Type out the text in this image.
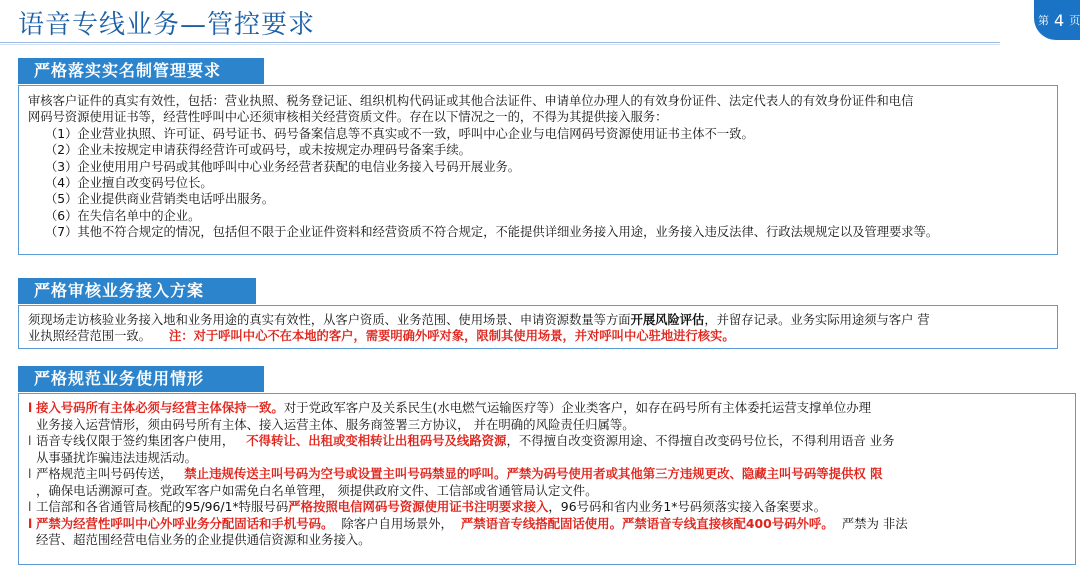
语音专线业务—管控要求	第 4 页
严格落实实名制管理要求
审核客户证件的真实有效性，包括：营业执照、税务登记证、组织机构代码证或其他合法证件、申请单位办理人的有效身份证件、法定代表人的有效身份证件和电信
网码号资源使用证书等，经营性呼叫中心还须审核相关经营资质文件。存在以下情况之一的，不得为其提供接入服务：
（1）企业营业执照、许可证、码号证书、码号备案信息等不真实或不一致，呼叫中心企业与电信网码号资源使用证书主体不一致。
（2）企业未按规定申请获得经营许可或码号，或未按规定办理码号备案手续。
（3）企业使用用户号码或其他呼叫中心业务经营者获配的电信业务接入号码开展业务。
（4）企业擅自改变码号位长。
（5）企业提供商业营销类电话呼出服务。
（6）在失信名单中的企业。
（7）其他不符合规定的情况，包括但不限于企业证件资料和经营资质不符合规定，不能提供详细业务接入用途，业务接入违反法律、行政法规规定以及管理要求等。
严格审核业务接入方案
须现场走访核验业务接入地和业务用途的真实有效性，从客户资质、业务范围、使用场景、申请资源数量等方面开展风险评估，并留存记录。业务实际用途须与客户 营
业执照经营范围一致。 注：对于呼叫中心不在本地的客户，需要明确外呼对象，限制其使用场景，并对呼叫中心驻地进行核实。
严格规范业务使用情形
l 接入号码所有主体必须与经营主体保持一致。对于党政军客户及关系民生(水电燃气运输医疗等）企业类客户，如存在码号所有主体委托运营支撑单位办理
业务接入运营情形，须由码号所有主体、接入运营主体、服务商签署三方协议， 并在明确的风险责任归属等。
l 语音专线仅限于签约集团客户使用， 不得转让、出租或变相转让出租码号及线路资源，不得擅自改变资源用途、不得擅自改变码号位长，不得利用语音 业务
从事骚扰诈骗违法违规活动。
l 严格规范主叫号码传送， 禁止违规传送主叫号码为空号或设置主叫号码禁显的呼叫。严禁为码号使用者或其他第三方违规更改、隐藏主叫号码等提供权 限
，确保电话溯源可查。党政军客户如需免白名单管理， 须提供政府文件、工信部或省通管局认定文件。
l 工信部和各省通管局核配的95/96/1*特服号码严格按照电信网码号资源使用证书注明要求接入，96号码和省内业务1*号码须落实接入备案要求。
l 严禁为经营性呼叫中心外呼业务分配固话和手机号码。 除客户自用场景外， 严禁语音专线搭配固话使用。严禁语音专线直接核配400号码外呼。 严禁为 非法
经营、超范围经营电信业务的企业提供通信资源和业务接入。
